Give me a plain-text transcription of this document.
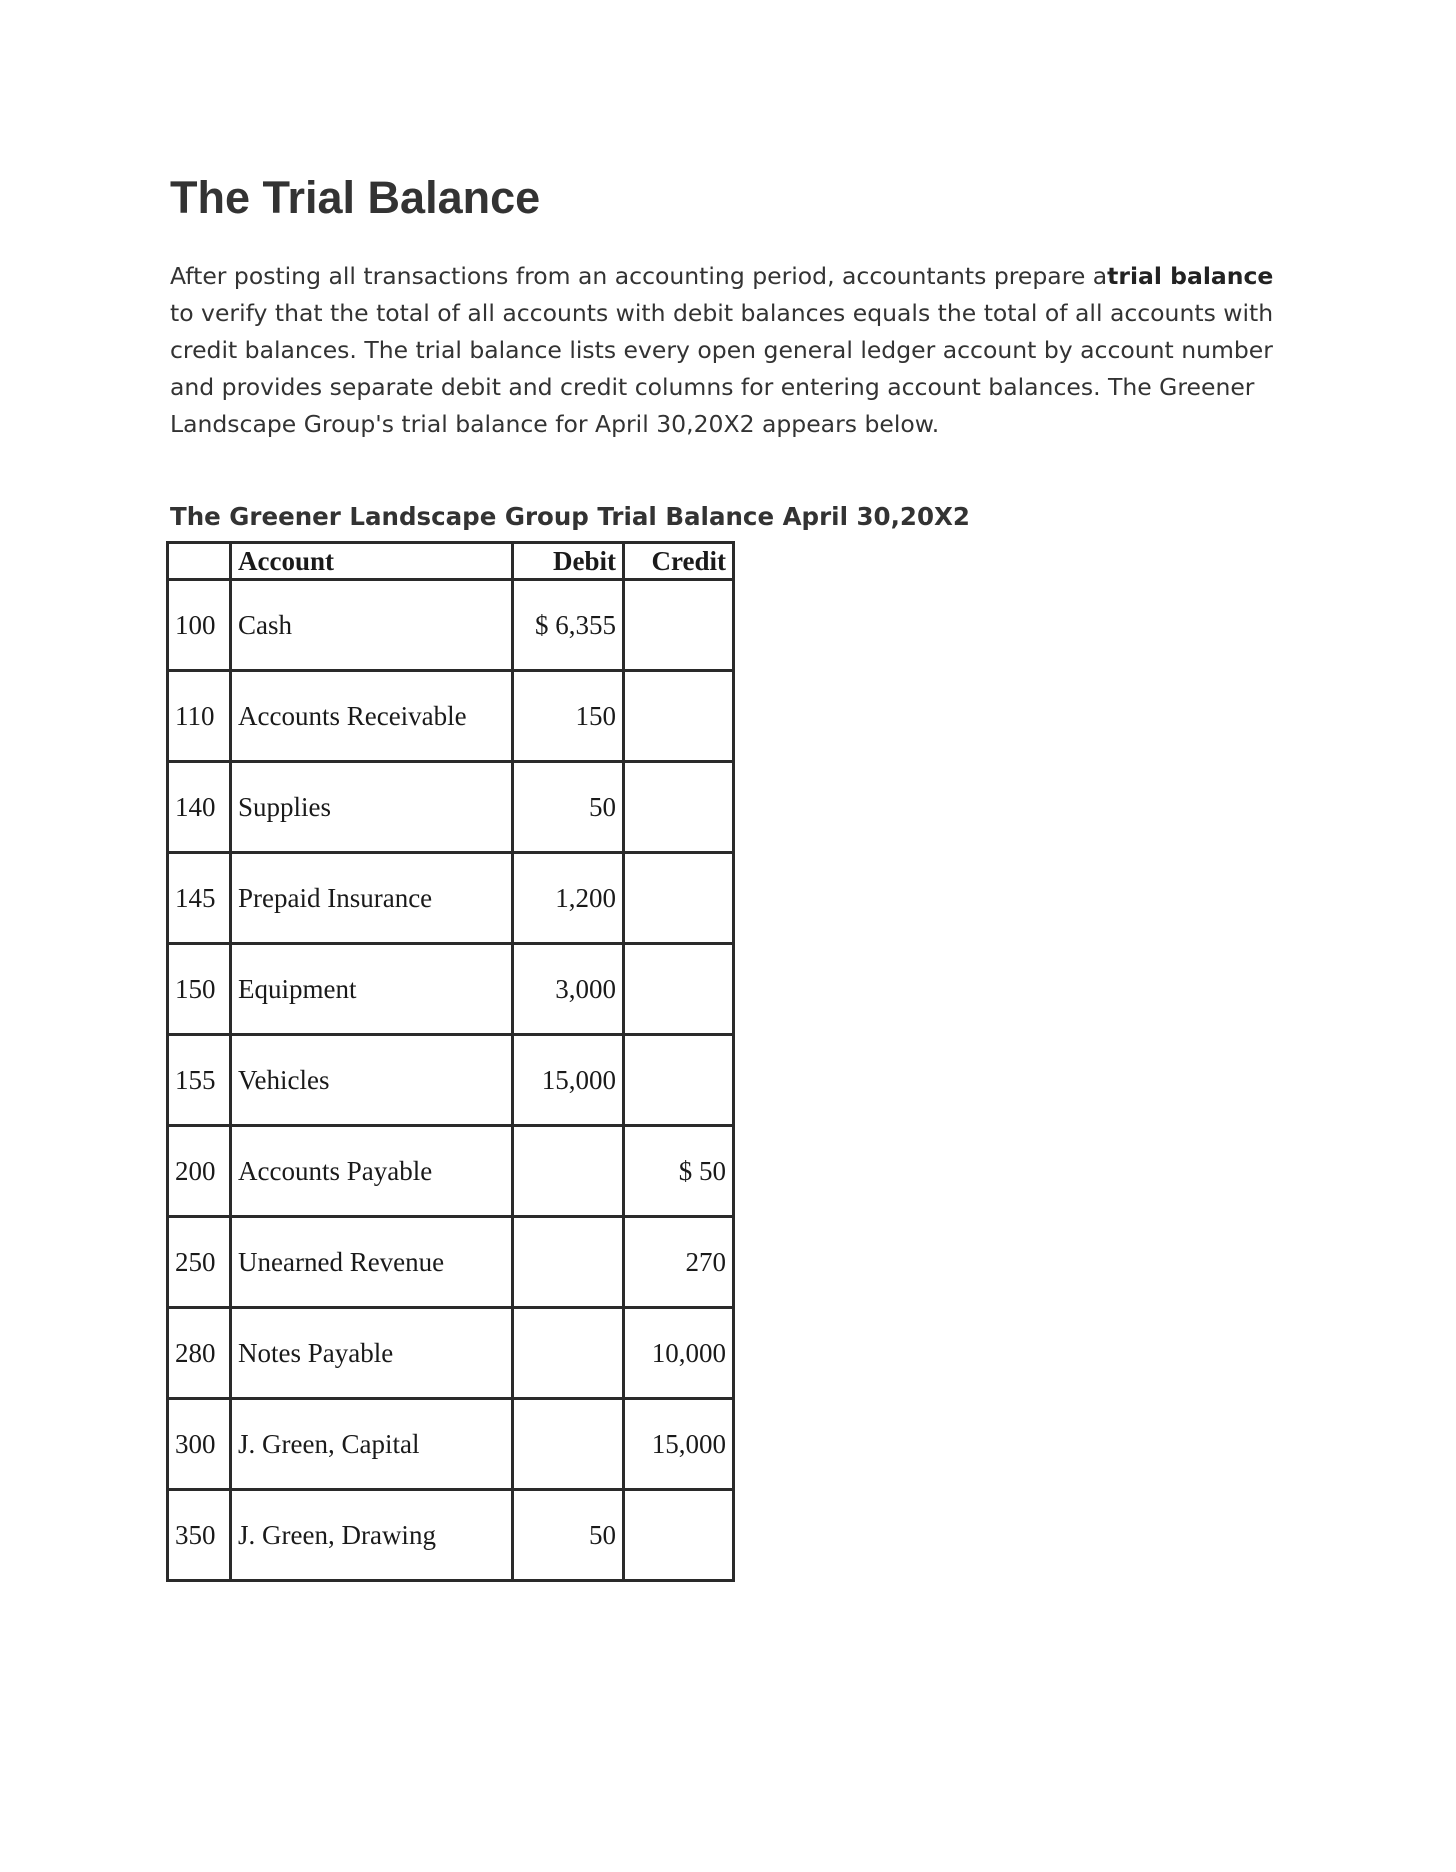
The Trial Balance

After posting all transactions from an accounting period, accountants prepare atrial balance to verify that the total of all accounts with debit balances equals the total of all accounts with credit balances. The trial balance lists every open general ledger account by account number and provides separate debit and credit columns for entering account balances. The Greener Landscape Group's trial balance for April 30,20X2 appears below.

The Greener Landscape Group Trial Balance April 30,20X2
	Account	Debit	Credit
100	Cash	$ 6,355	
110	Accounts Receivable	150	
140	Supplies	50	
145	Prepaid Insurance	1,200	
150	Equipment	3,000	
155	Vehicles	15,000	
200	Accounts Payable		$ 50
250	Unearned Revenue		270
280	Notes Payable		10,000
300	J. Green, Capital		15,000
350	J. Green, Drawing	50	
